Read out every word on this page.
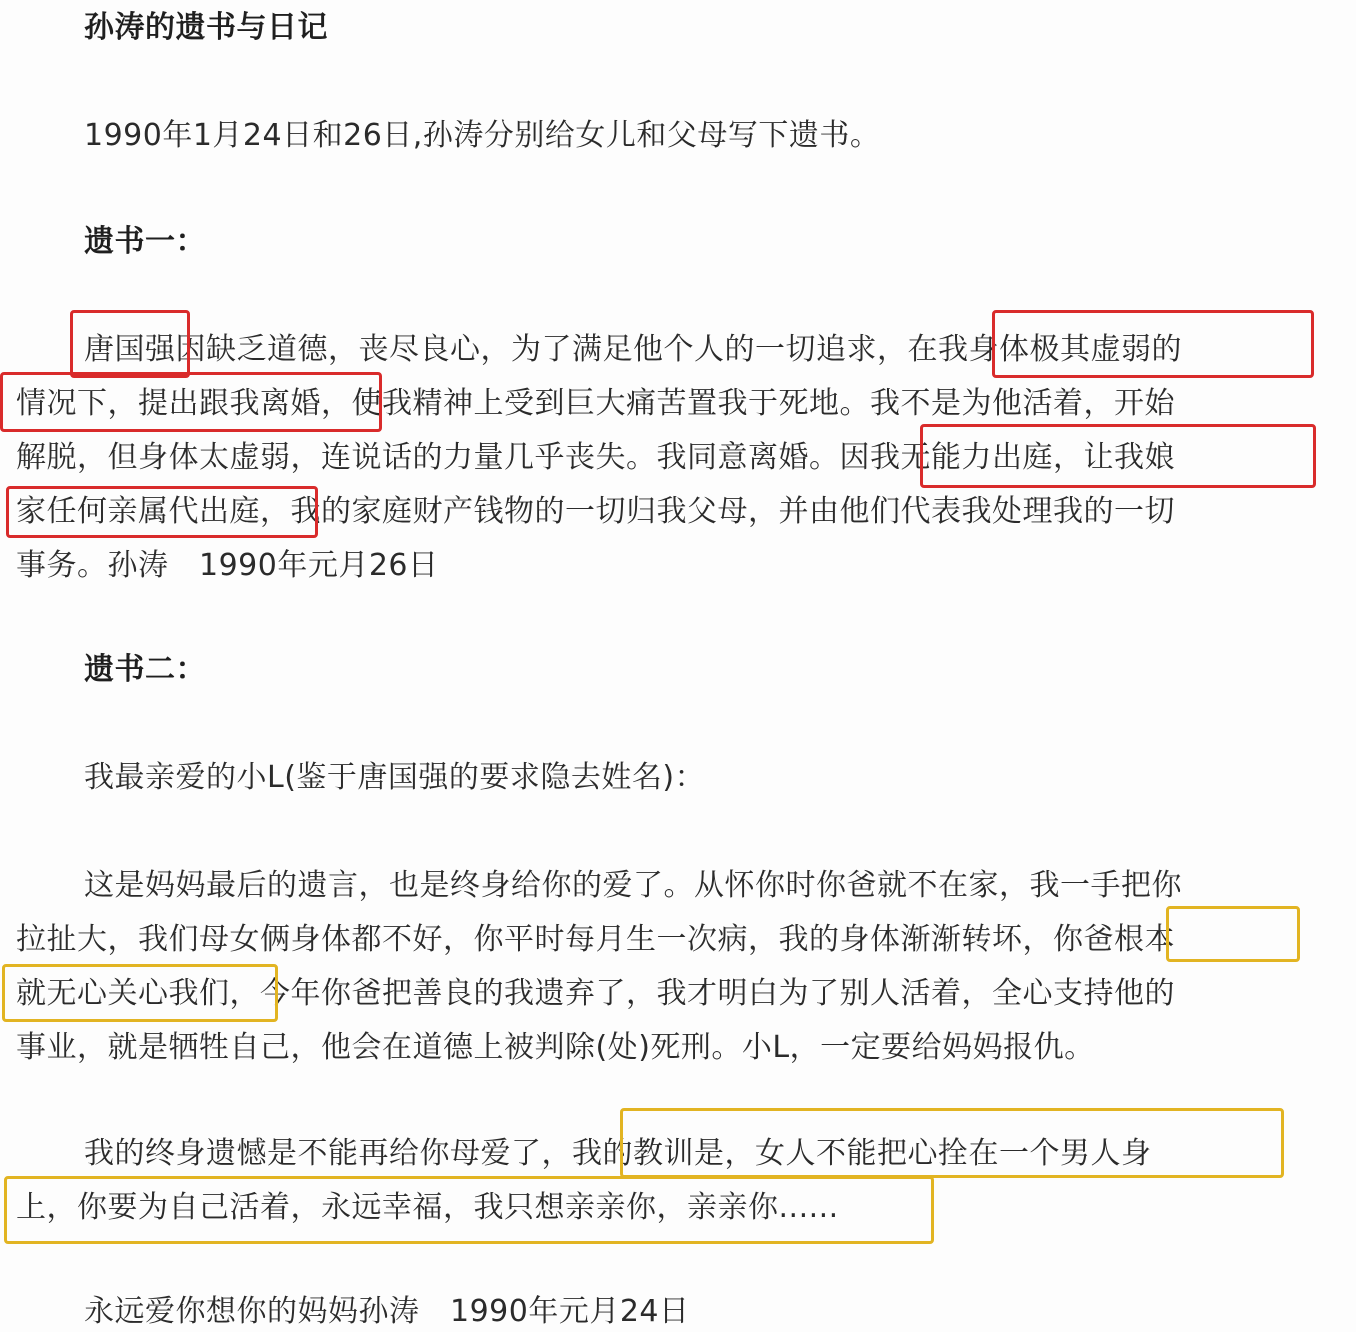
孙涛的遗书与日记
1990年1月24日和26日,孙涛分别给女儿和父母写下遗书。
遗书一：
唐国强因缺乏道德，丧尽良心，为了满足他个人的一切追求，在我身体极其虚弱的
情况下，提出跟我离婚，使我精神上受到巨大痛苦置我于死地。我不是为他活着，开始
解脱，但身体太虚弱，连说话的力量几乎丧失。我同意离婚。因我无能力出庭，让我娘
家任何亲属代出庭，我的家庭财产钱物的一切归我父母，并由他们代表我处理我的一切
事务。孙涛　1990年元月26日
遗书二：
我最亲爱的小L(鉴于唐国强的要求隐去姓名)：
这是妈妈最后的遗言，也是终身给你的爱了。从怀你时你爸就不在家，我一手把你
拉扯大，我们母女俩身体都不好，你平时每月生一次病，我的身体渐渐转坏，你爸根本
就无心关心我们，今年你爸把善良的我遗弃了，我才明白为了别人活着，全心支持他的
事业，就是牺牲自己，他会在道德上被判除(处)死刑。小L，一定要给妈妈报仇。
我的终身遗憾是不能再给你母爱了，我的教训是，女人不能把心拴在一个男人身
上，你要为自己活着，永远幸福，我只想亲亲你，亲亲你......
永远爱你想你的妈妈孙涛　1990年元月24日
